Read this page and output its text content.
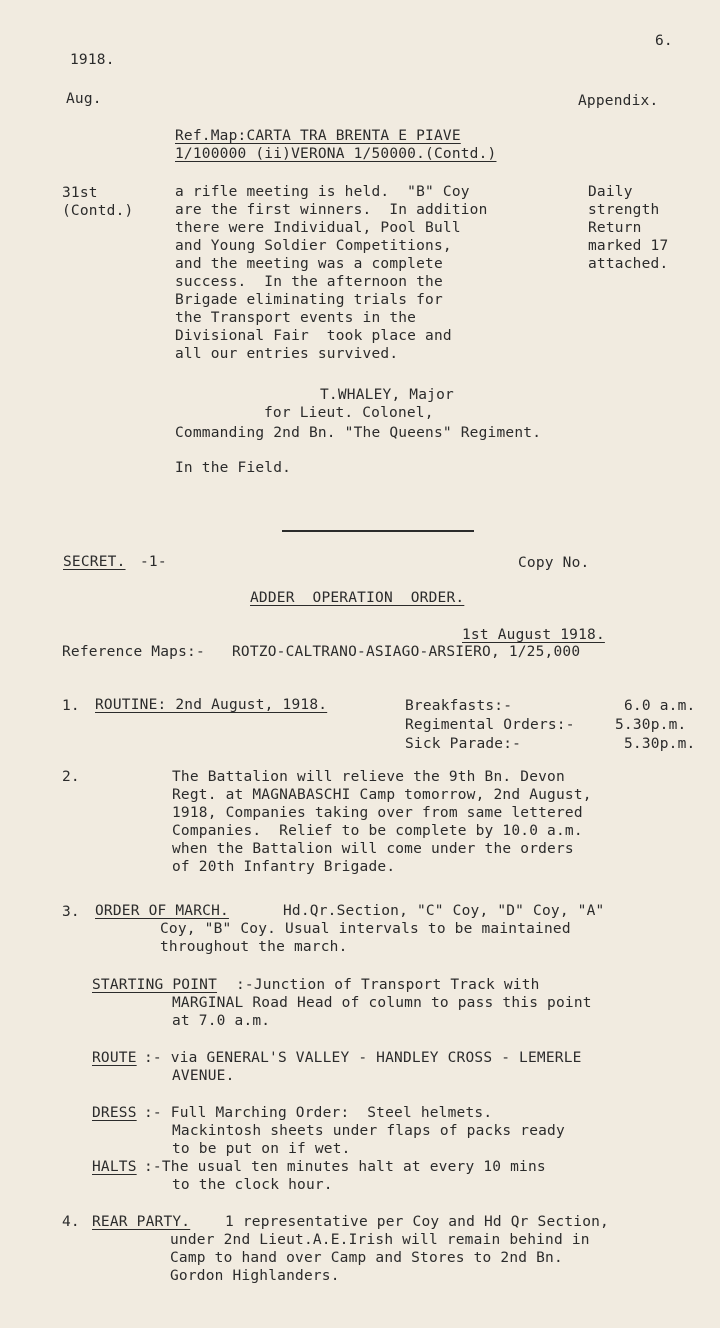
6.
1918.
Aug.	Appendix.
Ref.Map:CARTA TRA BRENTA E PIAVE
1/100000 (ii)VERONA 1/50000.(Contd.)
31st
(Contd.)
a rifle meeting is held.  "B" Coy
are the first winners.  In addition
there were Individual, Pool Bull
and Young Soldier Competitions,
and the meeting was a complete
success.  In the afternoon the
Brigade eliminating trials for
the Transport events in the
Divisional Fair  took place and
all our entries survived.
Daily
strength
Return
marked 17
attached.
T.WHALEY, Major
for Lieut. Colonel,
Commanding 2nd Bn. "The Queens" Regiment.
In the Field.
SECRET. -1-	Copy No.
ADDER  OPERATION  ORDER.
1st August 1918.
Reference Maps:- ROTZO-CALTRANO-ASIAGO-ARSIERO, 1/25,000
1. ROUTINE: 2nd August, 1918.	Breakfasts:-	6.0 a.m.
Regimental Orders:-	5.30p.m.
Sick Parade:-	5.30p.m.
2.	The Battalion will relieve the 9th Bn. Devon
Regt. at MAGNABASCHI Camp tomorrow, 2nd August,
1918, Companies taking over from same lettered
Companies.  Relief to be complete by 10.0 a.m.
when the Battalion will come under the orders
of 20th Infantry Brigade.
3. ORDER OF MARCH.	Hd.Qr.Section, "C" Coy, "D" Coy, "A"
Coy, "B" Coy. Usual intervals to be maintained
throughout the march.
STARTING POINT :-Junction of Transport Track with
MARGINAL Road Head of column to pass this point
at 7.0 a.m.
ROUTE :- via GENERAL'S VALLEY - HANDLEY CROSS - LEMERLE
AVENUE.
DRESS :- Full Marching Order:  Steel helmets.
Mackintosh sheets under flaps of packs ready
to be put on if wet.
HALTS :-The usual ten minutes halt at every 10 mins
to the clock hour.
4. REAR PARTY. 1 representative per Coy and Hd Qr Section,
under 2nd Lieut.A.E.Irish will remain behind in
Camp to hand over Camp and Stores to 2nd Bn.
Gordon Highlanders.
